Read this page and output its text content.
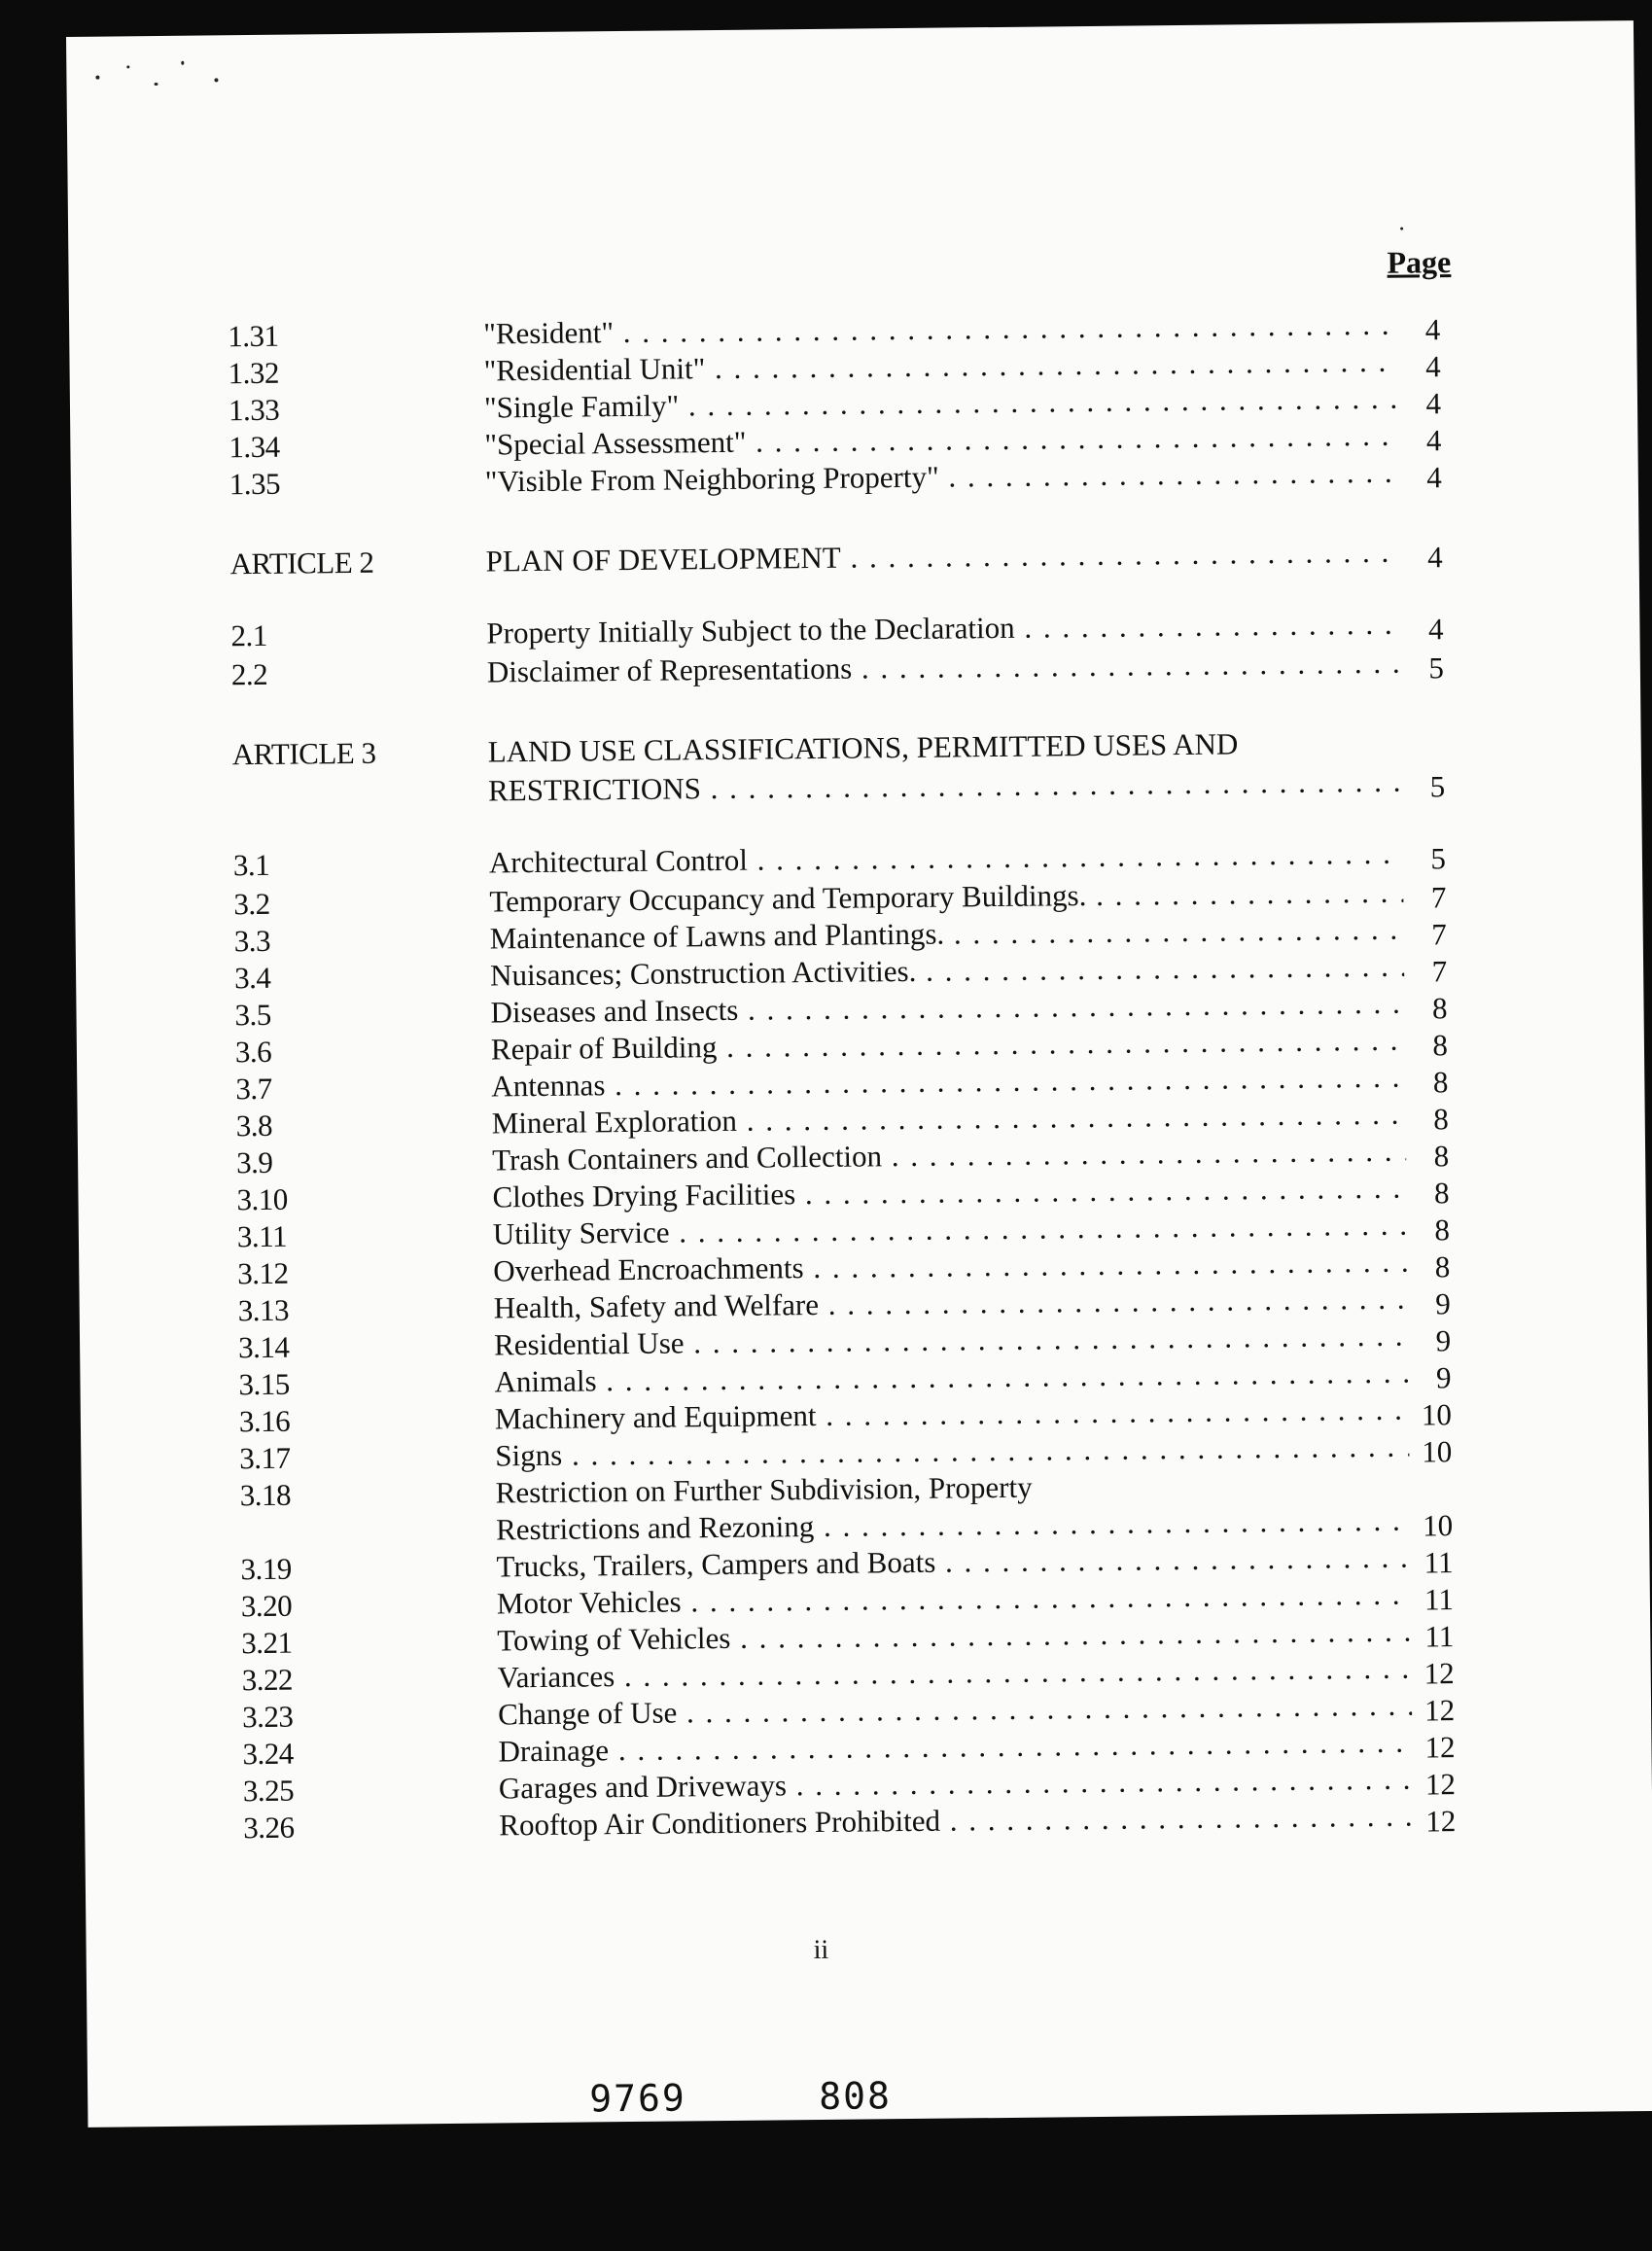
Page
1.31	"Resident" . . .	4
1.32	"Residential Unit" . . .	4
1.33	"Single Family" . . .	4
1.34	"Special Assessment" . . .	4
1.35	"Visible From Neighboring Property" . . .	4
ARTICLE 2	PLAN OF DEVELOPMENT . . .	4
2.1	Property Initially Subject to the Declaration . . .	4
2.2	Disclaimer of Representations . . .	5
ARTICLE 3	LAND USE CLASSIFICATIONS, PERMITTED USES AND
RESTRICTIONS . . .	5
3.1	Architectural Control . . .	5
3.2	Temporary Occupancy and Temporary Buildings. . . .	7
3.3	Maintenance of Lawns and Plantings. . . .	7
3.4	Nuisances; Construction Activities. . . .	7
3.5	Diseases and Insects . . .	8
3.6	Repair of Building . . .	8
3.7	Antennas . . .	8
3.8	Mineral Exploration . . .	8
3.9	Trash Containers and Collection . . .	8
3.10	Clothes Drying Facilities . . .	8
3.11	Utility Service . . .	8
3.12	Overhead Encroachments . . .	8
3.13	Health, Safety and Welfare . . .	9
3.14	Residential Use . . .	9
3.15	Animals . . .	9
3.16	Machinery and Equipment . . .	10
3.17	Signs . . .	10
3.18	Restriction on Further Subdivision, Property
Restrictions and Rezoning . . .	10
3.19	Trucks, Trailers, Campers and Boats . . .	11
3.20	Motor Vehicles . . .	11
3.21	Towing of Vehicles . . .	11
3.22	Variances . . .	12
3.23	Change of Use . . .	12
3.24	Drainage . . .	12
3.25	Garages and Driveways . . .	12
3.26	Rooftop Air Conditioners Prohibited . . .	12
ii
9769	808
